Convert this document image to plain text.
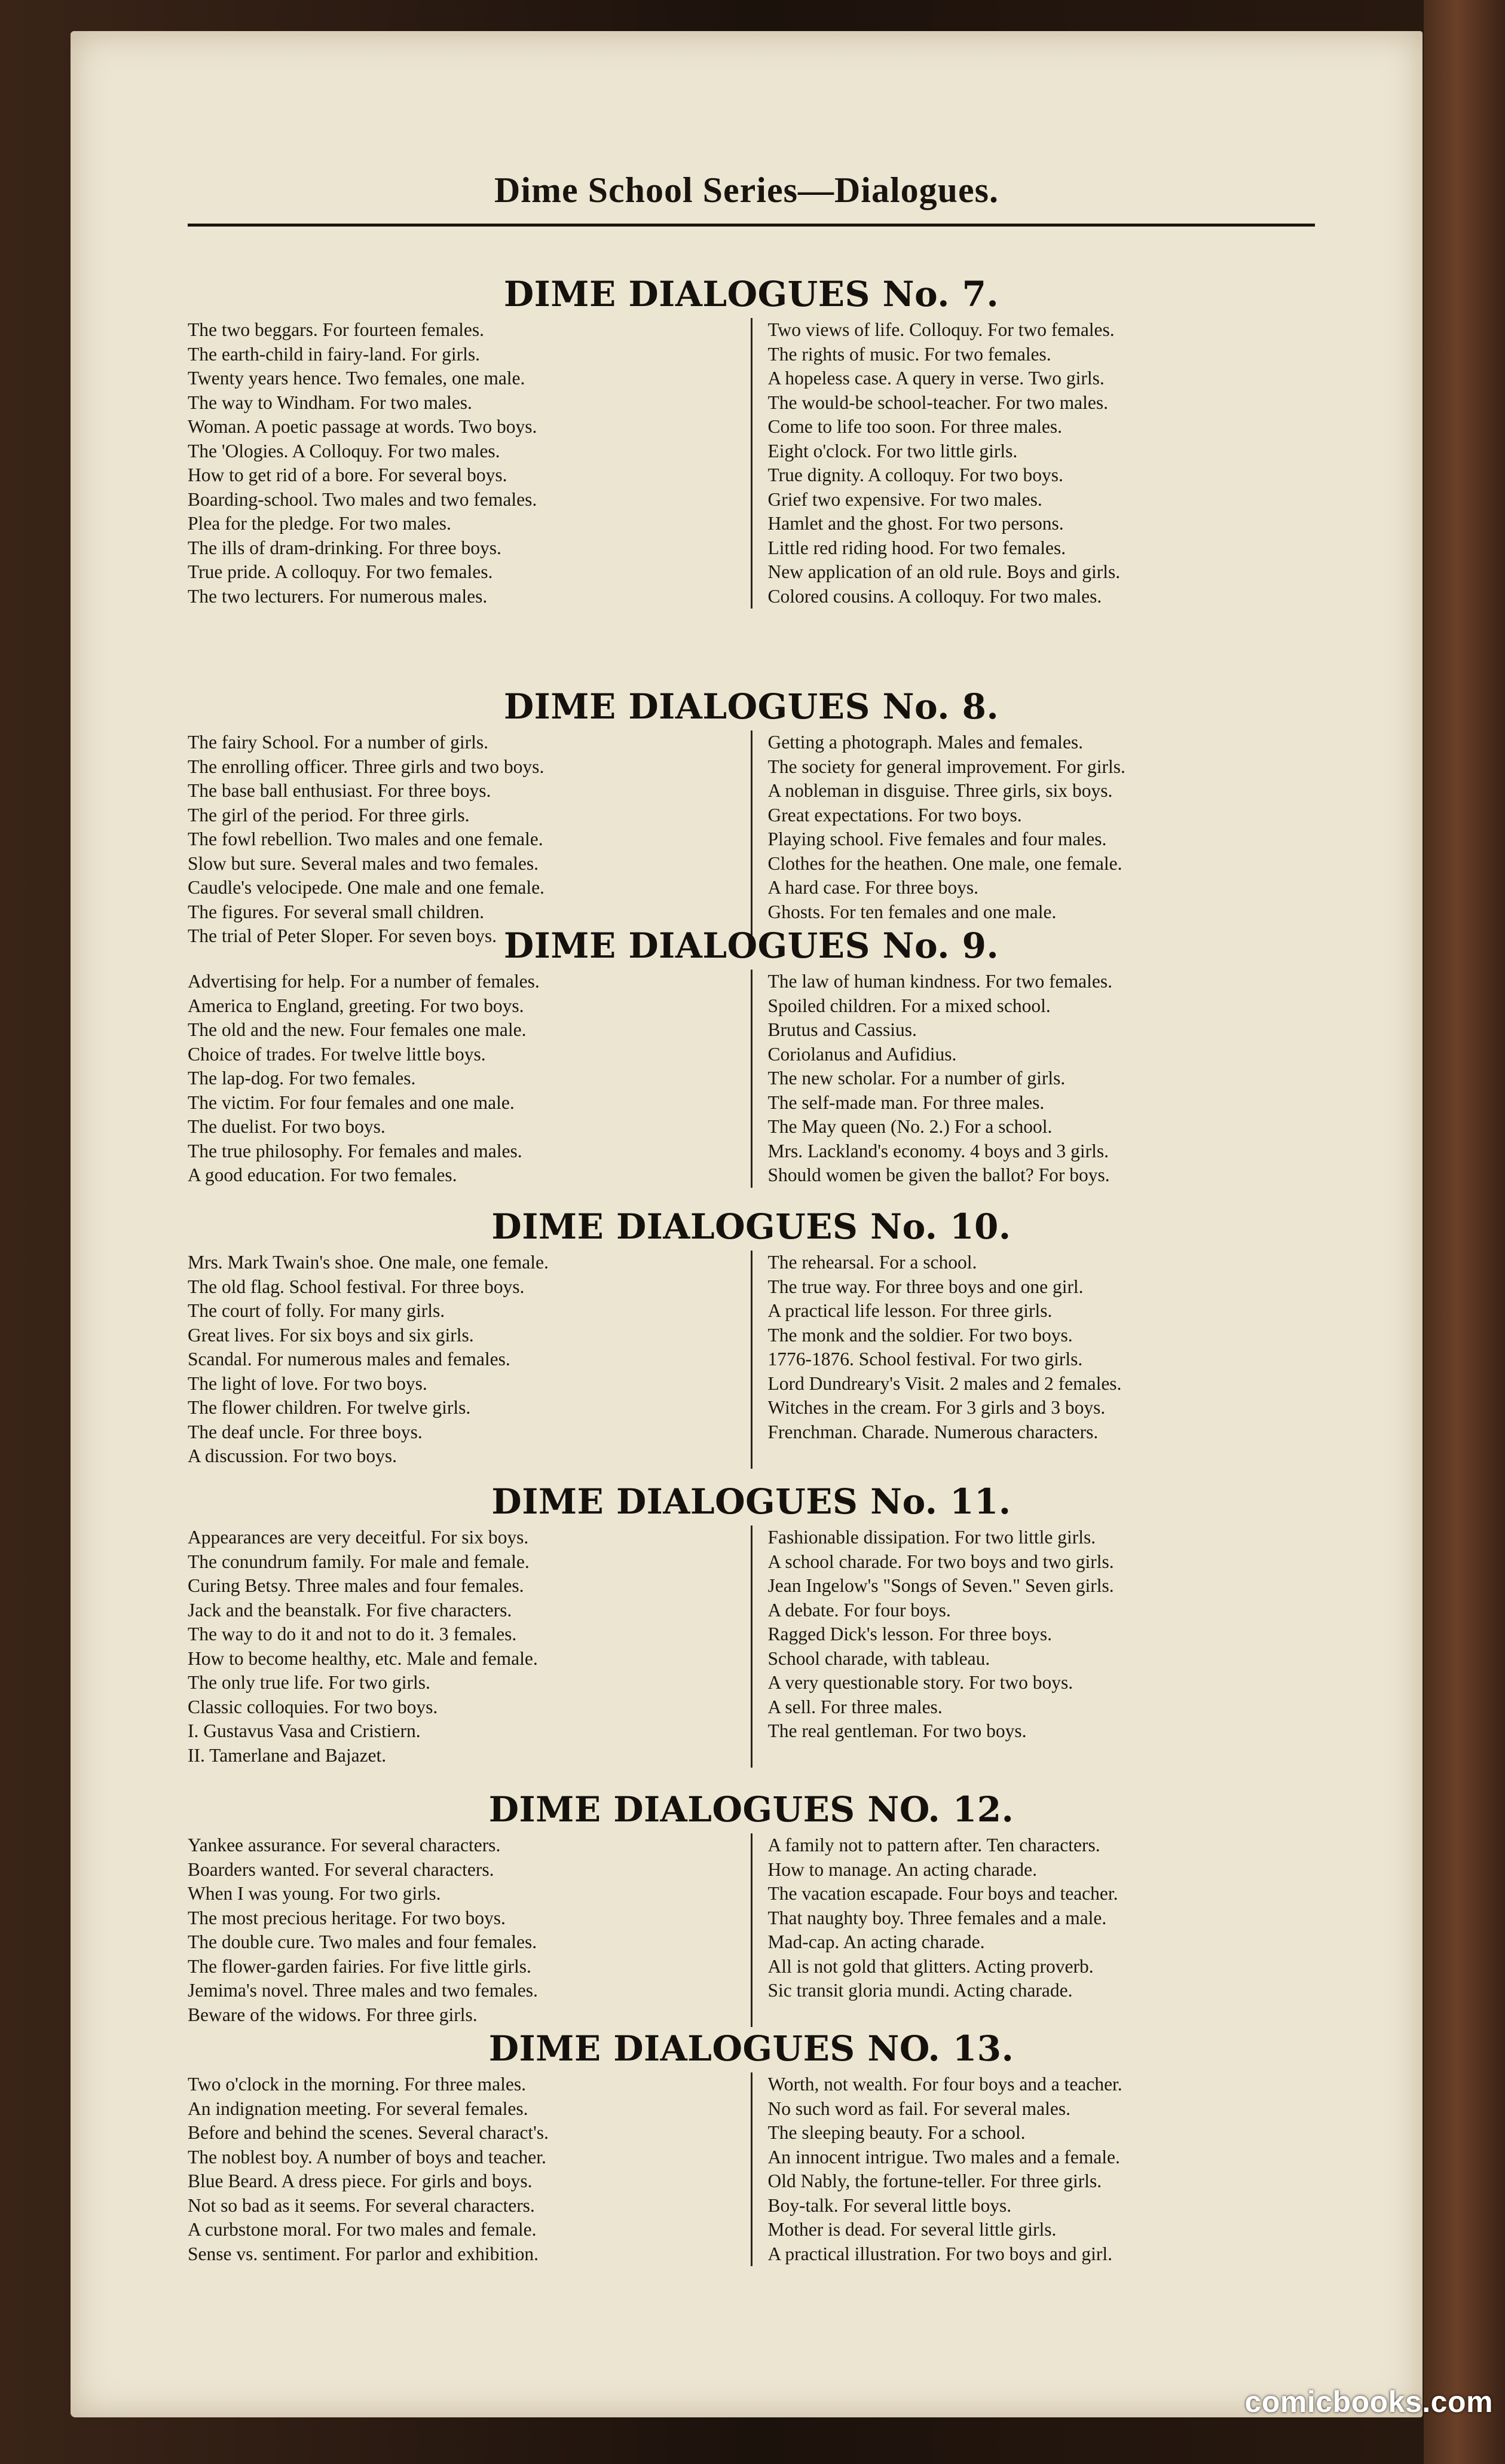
Dime School Series—Dialogues.
DIME DIALOGUES No. 7.
The two beggars. For fourteen females.
The earth-child in fairy-land. For girls.
Twenty years hence. Two females, one male.
The way to Windham. For two males.
Woman. A poetic passage at words. Two boys.
The 'Ologies. A Colloquy. For two males.
How to get rid of a bore. For several boys.
Boarding-school. Two males and two females.
Plea for the pledge. For two males.
The ills of dram-drinking. For three boys.
True pride. A colloquy. For two females.
The two lecturers. For numerous males.
Two views of life. Colloquy. For two females.
The rights of music. For two females.
A hopeless case. A query in verse. Two girls.
The would-be school-teacher. For two males.
Come to life too soon. For three males.
Eight o'clock. For two little girls.
True dignity. A colloquy. For two boys.
Grief two expensive. For two males.
Hamlet and the ghost. For two persons.
Little red riding hood. For two females.
New application of an old rule. Boys and girls.
Colored cousins. A colloquy. For two males.
DIME DIALOGUES No. 8.
The fairy School. For a number of girls.
The enrolling officer. Three girls and two boys.
The base ball enthusiast. For three boys.
The girl of the period. For three girls.
The fowl rebellion. Two males and one female.
Slow but sure. Several males and two females.
Caudle's velocipede. One male and one female.
The figures. For several small children.
The trial of Peter Sloper. For seven boys.
Getting a photograph. Males and females.
The society for general improvement. For girls.
A nobleman in disguise. Three girls, six boys.
Great expectations. For two boys.
Playing school. Five females and four males.
Clothes for the heathen. One male, one female.
A hard case. For three boys.
Ghosts. For ten females and one male.
DIME DIALOGUES No. 9.
Advertising for help. For a number of females.
America to England, greeting. For two boys.
The old and the new. Four females one male.
Choice of trades. For twelve little boys.
The lap-dog. For two females.
The victim. For four females and one male.
The duelist. For two boys.
The true philosophy. For females and males.
A good education. For two females.
The law of human kindness. For two females.
Spoiled children. For a mixed school.
Brutus and Cassius.
Coriolanus and Aufidius.
The new scholar. For a number of girls.
The self-made man. For three males.
The May queen (No. 2.) For a school.
Mrs. Lackland's economy. 4 boys and 3 girls.
Should women be given the ballot? For boys.
DIME DIALOGUES No. 10.
Mrs. Mark Twain's shoe. One male, one female.
The old flag. School festival. For three boys.
The court of folly. For many girls.
Great lives. For six boys and six girls.
Scandal. For numerous males and females.
The light of love. For two boys.
The flower children. For twelve girls.
The deaf uncle. For three boys.
A discussion. For two boys.
The rehearsal. For a school.
The true way. For three boys and one girl.
A practical life lesson. For three girls.
The monk and the soldier. For two boys.
1776-1876. School festival. For two girls.
Lord Dundreary's Visit. 2 males and 2 females.
Witches in the cream. For 3 girls and 3 boys.
Frenchman. Charade. Numerous characters.
DIME DIALOGUES No. 11.
Appearances are very deceitful. For six boys.
The conundrum family. For male and female.
Curing Betsy. Three males and four females.
Jack and the beanstalk. For five characters.
The way to do it and not to do it. 3 females.
How to become healthy, etc. Male and female.
The only true life. For two girls.
Classic colloquies. For two boys.
I. Gustavus Vasa and Cristiern.
II. Tamerlane and Bajazet.
Fashionable dissipation. For two little girls.
A school charade. For two boys and two girls.
Jean Ingelow's "Songs of Seven." Seven girls.
A debate. For four boys.
Ragged Dick's lesson. For three boys.
School charade, with tableau.
A very questionable story. For two boys.
A sell. For three males.
The real gentleman. For two boys.
DIME DIALOGUES NO. 12.
Yankee assurance. For several characters.
Boarders wanted. For several characters.
When I was young. For two girls.
The most precious heritage. For two boys.
The double cure. Two males and four females.
The flower-garden fairies. For five little girls.
Jemima's novel. Three males and two females.
Beware of the widows. For three girls.
A family not to pattern after. Ten characters.
How to manage. An acting charade.
The vacation escapade. Four boys and teacher.
That naughty boy. Three females and a male.
Mad-cap. An acting charade.
All is not gold that glitters. Acting proverb.
Sic transit gloria mundi. Acting charade.
DIME DIALOGUES NO. 13.
Two o'clock in the morning. For three males.
An indignation meeting. For several females.
Before and behind the scenes. Several charact's.
The noblest boy. A number of boys and teacher.
Blue Beard. A dress piece. For girls and boys.
Not so bad as it seems. For several characters.
A curbstone moral. For two males and female.
Sense vs. sentiment. For parlor and exhibition.
Worth, not wealth. For four boys and a teacher.
No such word as fail. For several males.
The sleeping beauty. For a school.
An innocent intrigue. Two males and a female.
Old Nably, the fortune-teller. For three girls.
Boy-talk. For several little boys.
Mother is dead. For several little girls.
A practical illustration. For two boys and girl.
comicbooks.com
